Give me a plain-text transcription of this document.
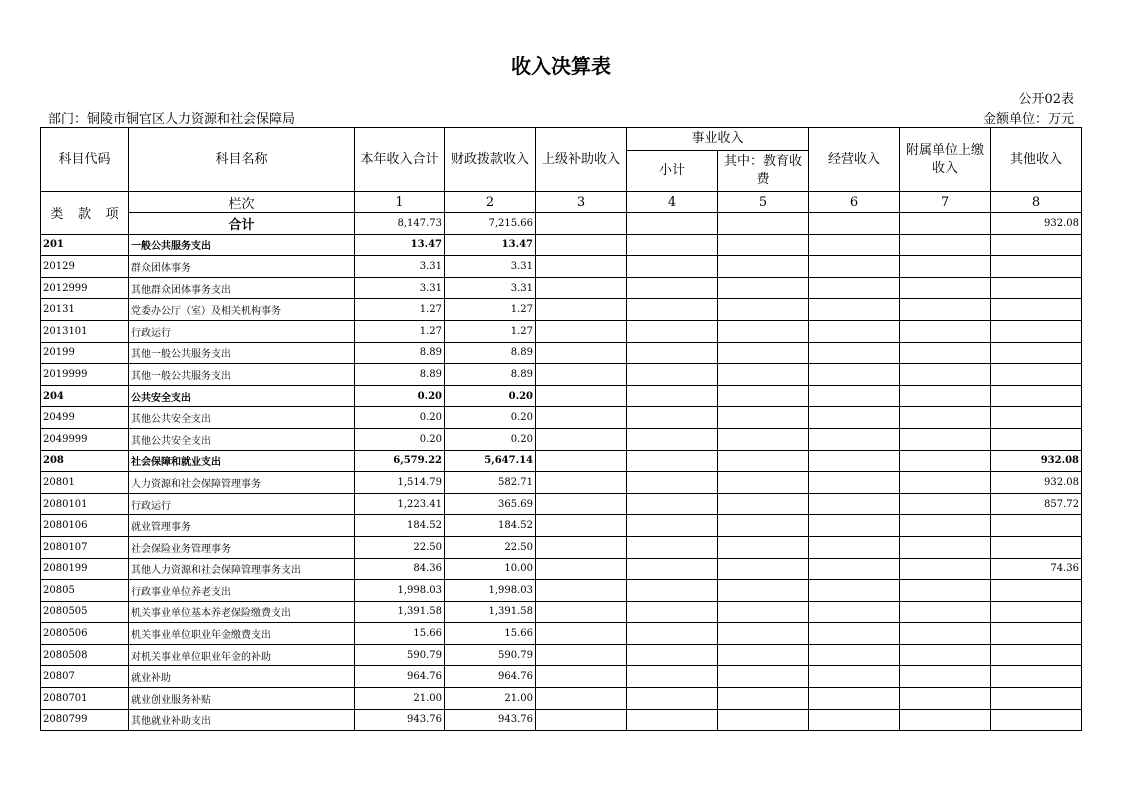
收入决算表
公开02表
部门：铜陵市铜官区人力资源和社会保障局	金额单位：万元
科目代码	科目名称	本年收入合计	财政拨款收入	上级补助收入	事业收入		经营收入	附属单位上缴收入	其他收入
					小计	其中：教育收费			

类 款 项	栏次	1	2	3	4	5	6	7	8
	合计	8,147.73	7,215.66						932.08
201	一般公共服务支出	13.47	13.47						
20129	群众团体事务	3.31	3.31						
2012999	其他群众团体事务支出	3.31	3.31						
20131	党委办公厅（室）及相关机构事务	1.27	1.27						
2013101	行政运行	1.27	1.27						
20199	其他一般公共服务支出	8.89	8.89						
2019999	其他一般公共服务支出	8.89	8.89						
204	公共安全支出	0.20	0.20						
20499	其他公共安全支出	0.20	0.20						
2049999	其他公共安全支出	0.20	0.20						
208	社会保障和就业支出	6,579.22	5,647.14						932.08
20801	人力资源和社会保障管理事务	1,514.79	582.71						932.08
2080101	行政运行	1,223.41	365.69						857.72
2080106	就业管理事务	184.52	184.52						
2080107	社会保险业务管理事务	22.50	22.50						
2080199	其他人力资源和社会保障管理事务支出	84.36	10.00						74.36
20805	行政事业单位养老支出	1,998.03	1,998.03						
2080505	机关事业单位基本养老保险缴费支出	1,391.58	1,391.58						
2080506	机关事业单位职业年金缴费支出	15.66	15.66						
2080508	对机关事业单位职业年金的补助	590.79	590.79						
20807	就业补助	964.76	964.76						
2080701	就业创业服务补贴	21.00	21.00						
2080799	其他就业补助支出	943.76	943.76						
